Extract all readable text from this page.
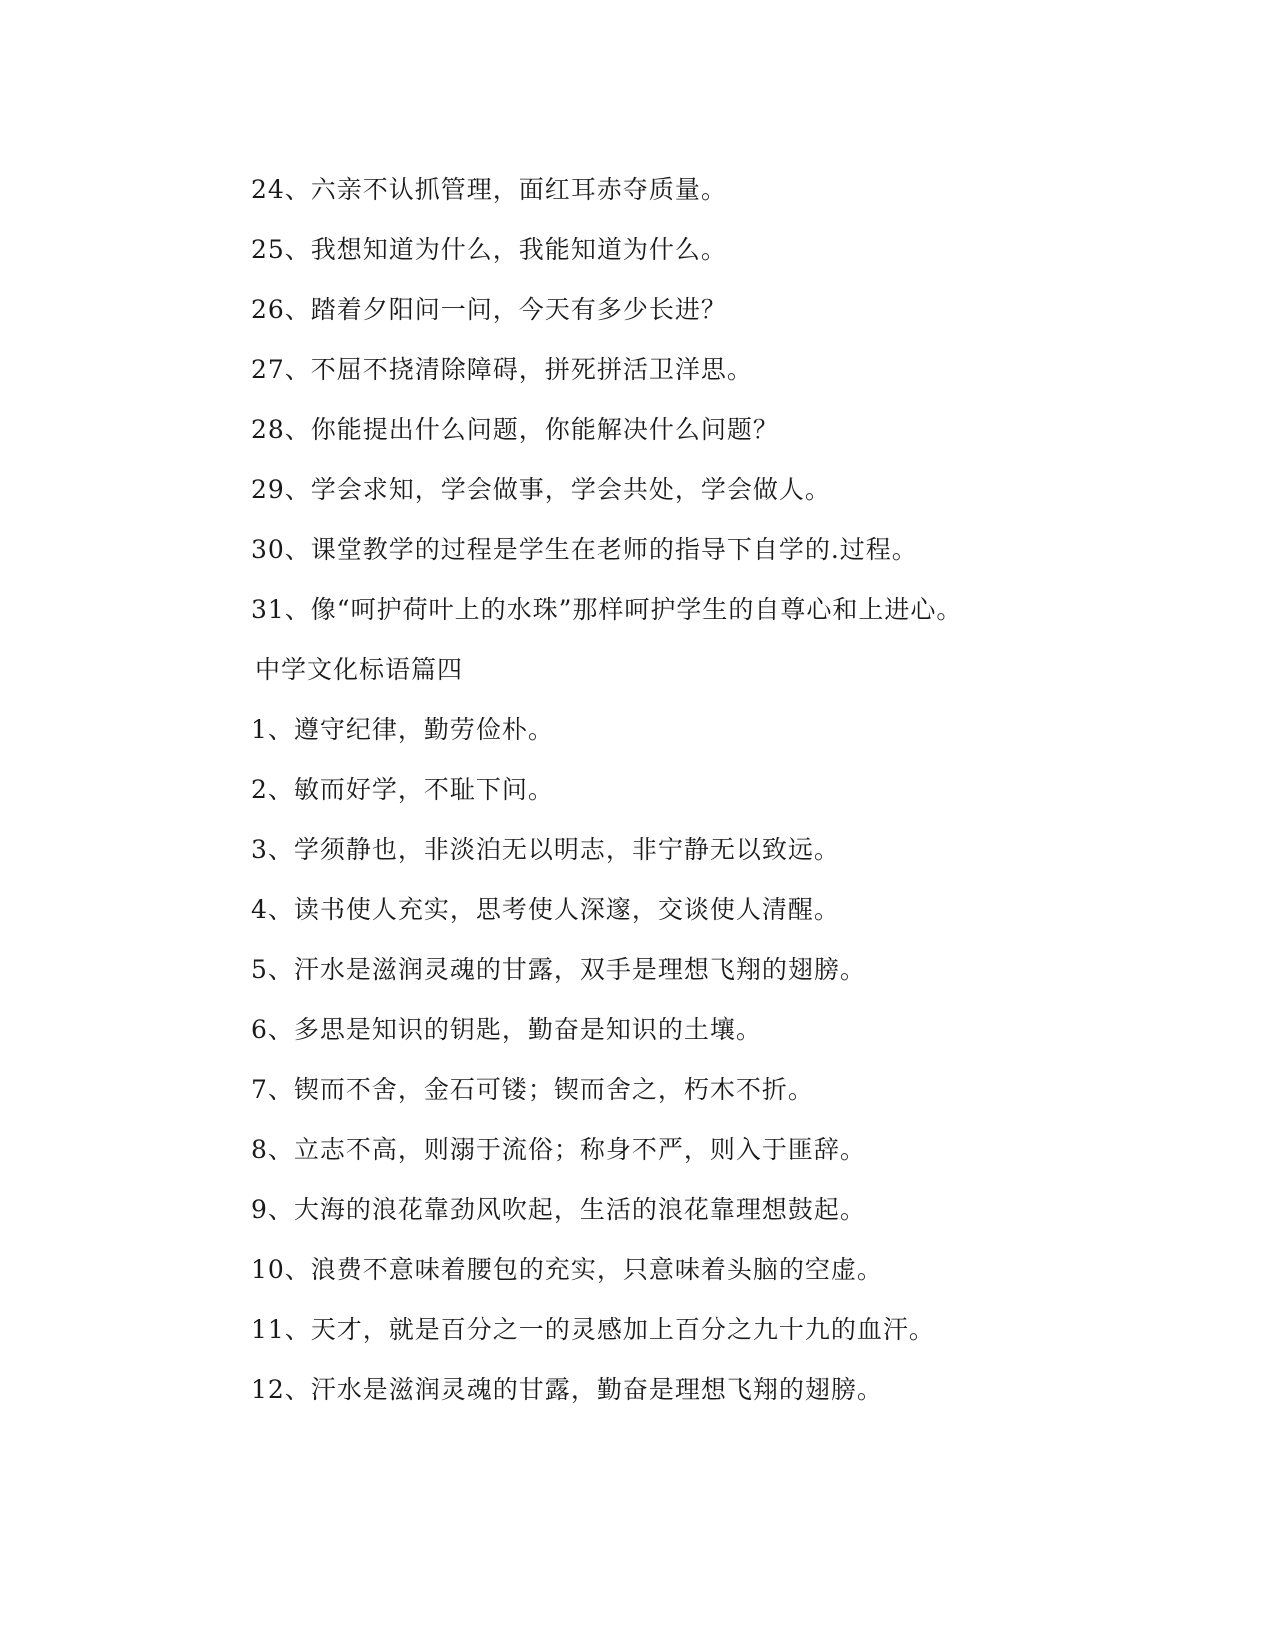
24、六亲不认抓管理，面红耳赤夺质量。
25、我想知道为什么，我能知道为什么。
26、踏着夕阳问一问，今天有多少长进？
27、不屈不挠清除障碍，拼死拼活卫洋思。
28、你能提出什么问题，你能解决什么问题？
29、学会求知，学会做事，学会共处，学会做人。
30、课堂教学的过程是学生在老师的指导下自学的.过程。
31、像“呵护荷叶上的水珠”那样呵护学生的自尊心和上进心。
中学文化标语篇四
1、遵守纪律，勤劳俭朴。
2、敏而好学，不耻下问。
3、学须静也，非淡泊无以明志，非宁静无以致远。
4、读书使人充实，思考使人深邃，交谈使人清醒。
5、汗水是滋润灵魂的甘露，双手是理想飞翔的翅膀。
6、多思是知识的钥匙，勤奋是知识的土壤。
7、锲而不舍，金石可镂；锲而舍之，朽木不折。
8、立志不高，则溺于流俗；称身不严，则入于匪辞。
9、大海的浪花靠劲风吹起，生活的浪花靠理想鼓起。
10、浪费不意味着腰包的充实，只意味着头脑的空虚。
11、天才，就是百分之一的灵感加上百分之九十九的血汗。
12、汗水是滋润灵魂的甘露，勤奋是理想飞翔的翅膀。
